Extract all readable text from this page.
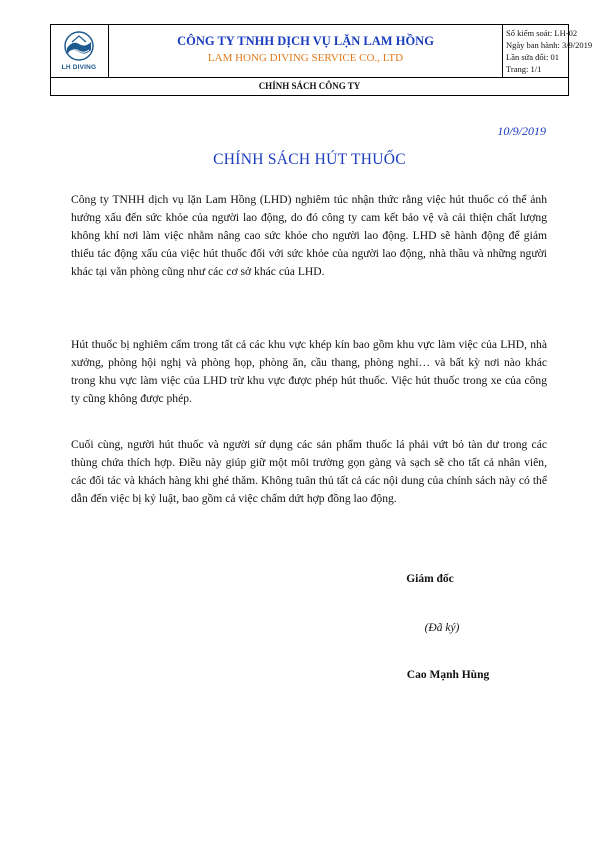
LH DIVING
CÔNG TY TNHH DỊCH VỤ LẶN LAM HỒNG
LAM HONG DIVING SERVICE CO., LTD
Số kiểm soát: LH-02
Ngày ban hành: 3/9/2019
Lần sửa đổi: 01
Trang: 1/1
CHÍNH SÁCH CÔNG TY
10/9/2019
CHÍNH SÁCH HÚT THUỐC
Công ty TNHH dịch vụ lặn Lam Hồng (LHD) nghiêm túc nhận thức rằng việc hút thuốc có thể ảnh hưởng xấu đến sức khỏe của người lao động, do đó công ty cam kết bảo vệ và cải thiện chất lượng không khí nơi làm việc nhằm nâng cao sức khỏe cho người lao động. LHD sẽ hành động để giảm thiểu tác động xấu của việc hút thuốc đối với sức khỏe của người lao động, nhà thầu và những người khác tại văn phòng cũng như các cơ sở khác của LHD.
Hút thuốc bị nghiêm cấm trong tất cả các khu vực khép kín bao gồm khu vực làm việc của LHD, nhà xưởng, phòng hội nghị và phòng họp, phòng ăn, cầu thang, phòng nghỉ… và bất kỳ nơi nào khác trong khu vực làm việc của LHD trừ khu vực được phép hút thuốc. Việc hút thuốc trong xe của công ty cũng không được phép.
Cuối cùng, người hút thuốc và người sử dụng các sản phẩm thuốc lá phải vứt bỏ tàn dư trong các thùng chứa thích hợp. Điều này giúp giữ một môi trường gọn gàng và sạch sẽ cho tất cả nhân viên, các đối tác và khách hàng khi ghé thăm. Không tuân thủ tất cả các nội dung của chính sách này có thể dẫn đến việc bị kỷ luật, bao gồm cả việc chấm dứt hợp đồng lao động.
Giám đốc
(Đã ký)
Cao Mạnh Hùng
